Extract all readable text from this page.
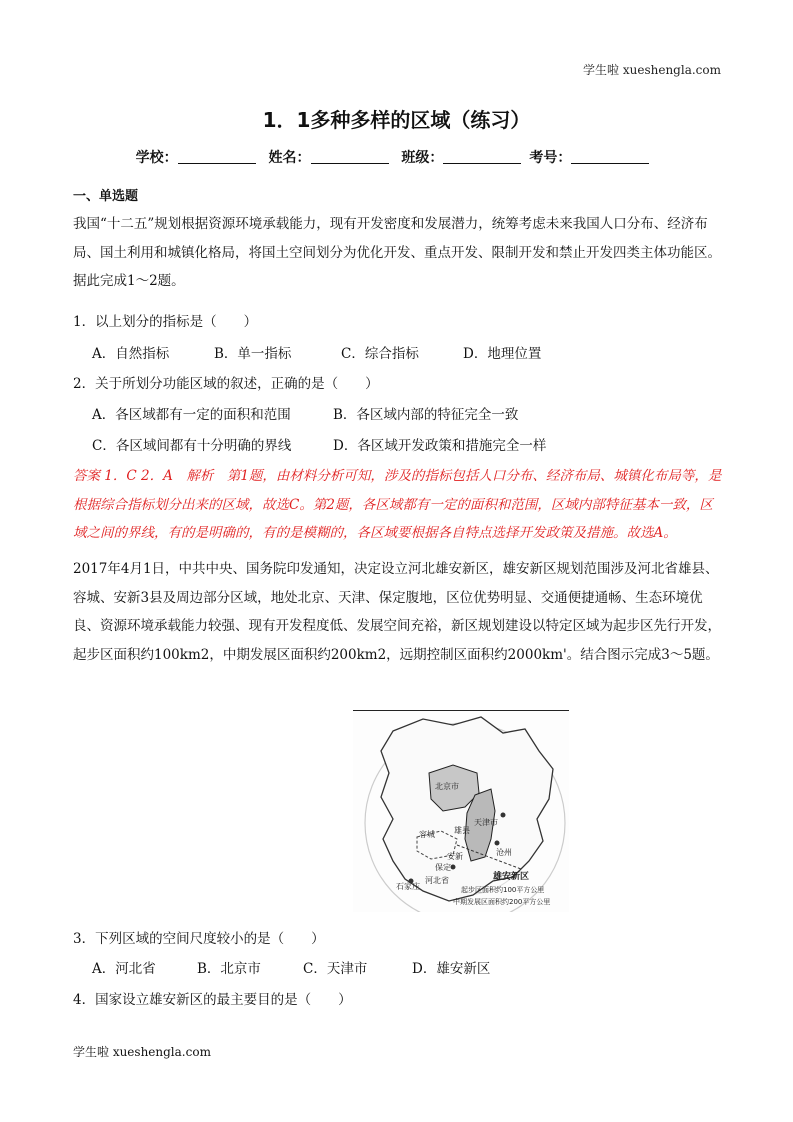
学生啦 xueshengla.com
1．1多种多样的区域（练习）
学校：	姓名：	班级：	考号：
一、单选题
我国“十二五”规划根据资源环境承载能力，现有开发密度和发展潜力，统筹考虑未来我国人口分布、经济布局、国土利用和城镇化格局，将国土空间划分为优化开发、重点开发、限制开发和禁止开发四类主体功能区。据此完成1～2题。
1．以上划分的指标是（　　）
A．自然指标	B．单一指标	C．综合指标	D．地理位置
2．关于所划分功能区域的叙述，正确的是（　　）
A．各区域都有一定的面积和范围	B．各区域内部的特征完全一致
C．各区域间都有十分明确的界线	D．各区域开发政策和措施完全一样
答案 1．C 2．A　解析　第1题，由材料分析可知，涉及的指标包括人口分布、经济布局、城镇化布局等，是根据综合指标划分出来的区域，故选C。第2题，各区域都有一定的面积和范围，区域内部特征基本一致，区域之间的界线，有的是明确的，有的是模糊的，各区域要根据各自特点选择开发政策及措施。故选A。
2017年4月1日，中共中央、国务院印发通知，决定设立河北雄安新区，雄安新区规划范围涉及河北省雄县、容城、安新3县及周边部分区域，地处北京、天津、保定腹地，区位优势明显、交通便捷通畅、生态环境优良、资源环境承载能力较强、现有开发程度低、发展空间充裕，新区规划建设以特定区域为起步区先行开发，起步区面积约100km2，中期发展区面积约200km2，远期控制区面积约2000km'。结合图示完成3～5题。
北京市
天津市
容城 雄县
安新
保定
沧州
石家庄
河北省	雄安新区
起步区面积约100平方公里
中期发展区面积约200平方公里
3．下列区域的空间尺度较小的是（　　）
A．河北省	B．北京市	C．天津市	D．雄安新区
4．国家设立雄安新区的最主要目的是（　　）
学生啦 xueshengla.com
